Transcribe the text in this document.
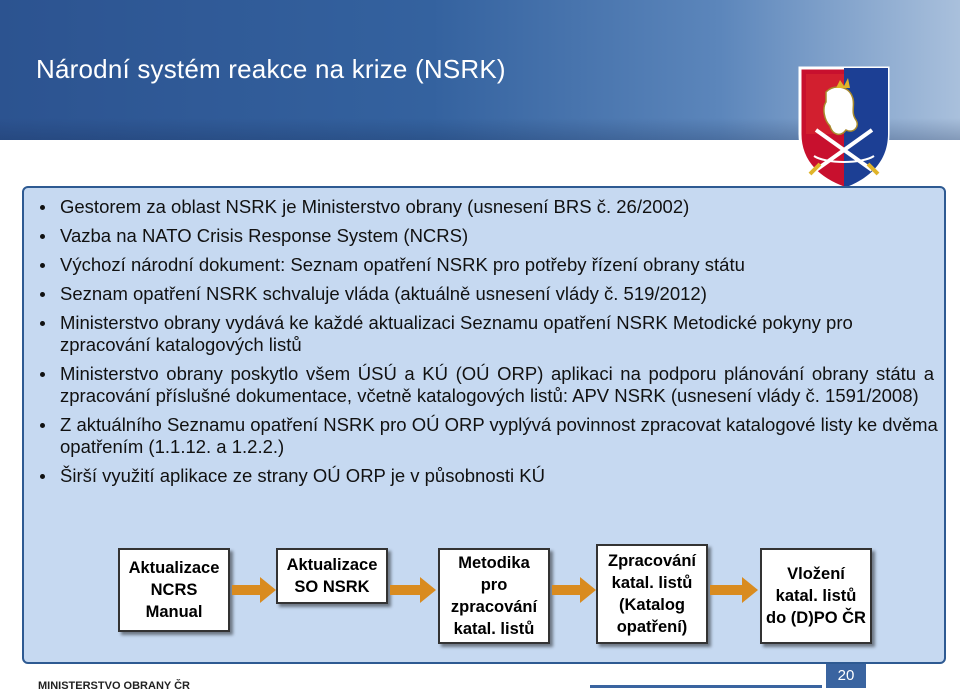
Národní systém reakce na krize (NSRK)
Gestorem za oblast NSRK je Ministerstvo obrany (usnesení BRS č. 26/2002)
Vazba na NATO Crisis Response System (NCRS)
Výchozí národní dokument: Seznam opatření NSRK pro potřeby řízení obrany státu
Seznam opatření NSRK schvaluje vláda (aktuálně usnesení vlády č. 519/2012)
Ministerstvo obrany vydává ke každé aktualizaci Seznamu opatření NSRK Metodické pokyny pro zpracování katalogových listů
Ministerstvo obrany poskytlo všem ÚSÚ a KÚ (OÚ ORP) aplikaci na podporu plánování obrany státu a zpracování příslušné dokumentace, včetně katalogových listů: APV NSRK (usnesení vlády č. 1591/2008)
Z aktuálního Seznamu opatření NSRK pro OÚ ORP vyplývá povinnost zpracovat katalogové listy ke dvěma opatřením (1.1.12. a 1.2.2.)
Širší využití aplikace ze strany OÚ ORP je v působnosti KÚ
Aktualizace NCRS Manual
Aktualizace SO NSRK
Metodika pro zpracování katal. listů
Zpracování katal. listů (Katalog opatření)
Vložení katal. listů do (D)PO ČR
MINISTERSTVO OBRANY ČR
20
